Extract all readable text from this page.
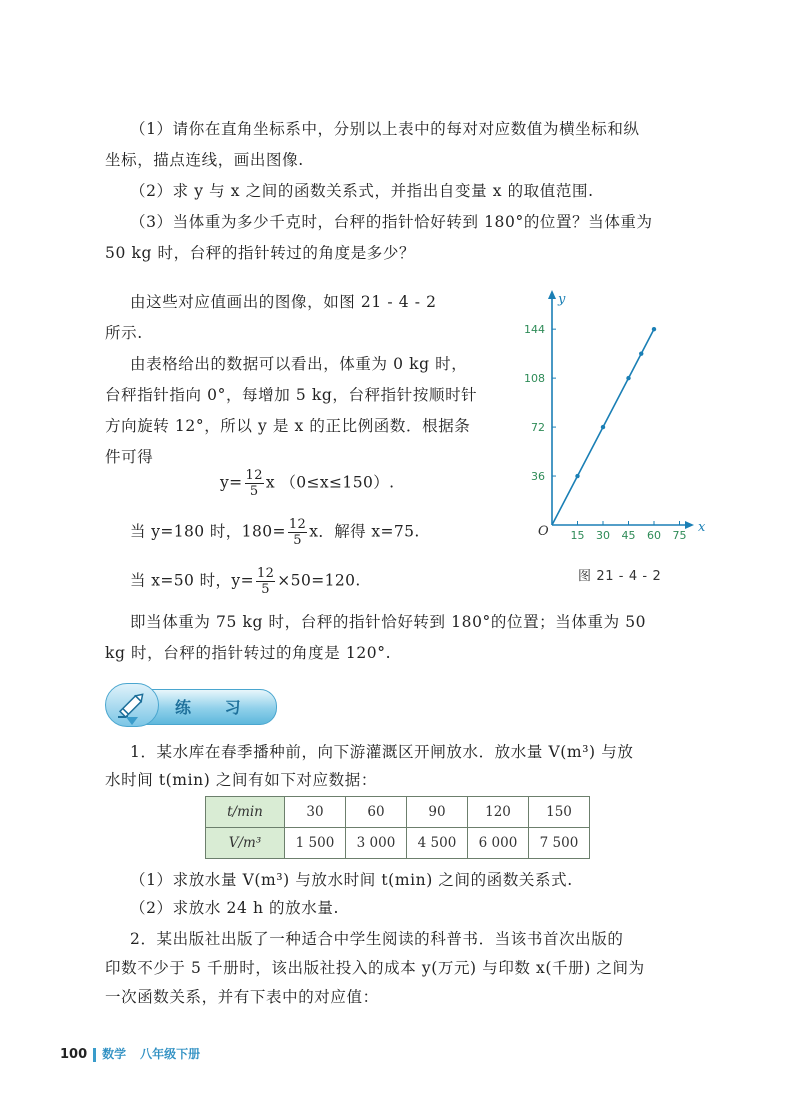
（1）请你在直角坐标系中，分别以上表中的每对对应数值为横坐标和纵
坐标，描点连线，画出图像.
（2）求 y 与 x 之间的函数关系式，并指出自变量 x 的取值范围.
（3）当体重为多少千克时，台秤的指针恰好转到 180°的位置？当体重为
50 kg 时，台秤的指针转过的角度是多少？
由这些对应值画出的图像，如图 21 - 4 - 2
所示.
由表格给出的数据可以看出，体重为 0 kg 时，
台秤指针指向 0°，每增加 5 kg，台秤指针按顺时针
方向旋转 12°，所以 y 是 x 的正比例函数．根据条
件可得
$y= \frac{12}{5}$ x （0≤x≤150）.
当 y=180 时，$180= \frac{12}{5}$ x．解得 x=75.
当 x=50 时，$y= \frac{12}{5} \times 50=120$.
即当体重为 75 kg 时，台秤的指针恰好转到 180°的位置；当体重为 50
kg 时，台秤的指针转过的角度是 120°.
x
y
O 15 30 45 60 75
36
72
108
144
图 21 - 4 - 2
练 习
1．某水库在春季播种前，向下游灌溉区开闸放水．放水量 V(m³) 与放
水时间 t(min) 之间有如下对应数据：
t/min	30	60	90	120	150
V/m³	1 500	3 000	4 500	6 000	7 500
（1）求放水量 V(m³) 与放水时间 t(min) 之间的函数关系式.
（2）求放水 24 h 的放水量.
2．某出版社出版了一种适合中学生阅读的科普书．当该书首次出版的
印数不少于 5 千册时，该出版社投入的成本 y(万元) 与印数 x(千册) 之间为
一次函数关系，并有下表中的对应值：
100 数学 八年级下册
